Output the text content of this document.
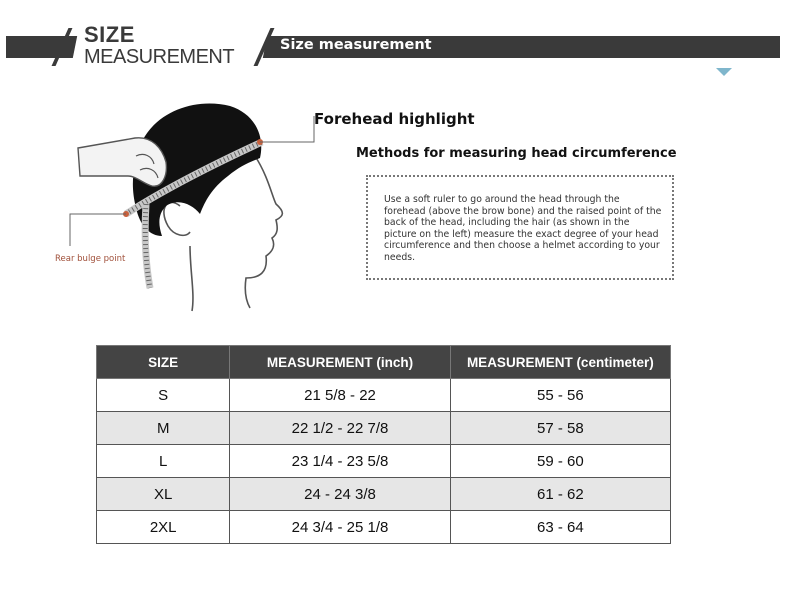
SIZE
MEASUREMENT
Size measurement
Forehead highlight
Methods for measuring head circumference
Rear bulge point

Use a soft ruler to go around the head through the forehead (above the brow bone) and the raised point of the back of the head, including the hair (as shown in the picture on the left) measure the exact degree of your head circumference and then choose a helmet according to your needs.

SIZE	MEASUREMENT (inch)	MEASUREMENT (centimeter)
S	21 5/8 - 22	55 - 56
M	22 1/2 - 22 7/8	57 - 58
L	23 1/4 - 23 5/8	59 - 60
XL	24 - 24 3/8	61 - 62
2XL	24 3/4 - 25 1/8	63 - 64
